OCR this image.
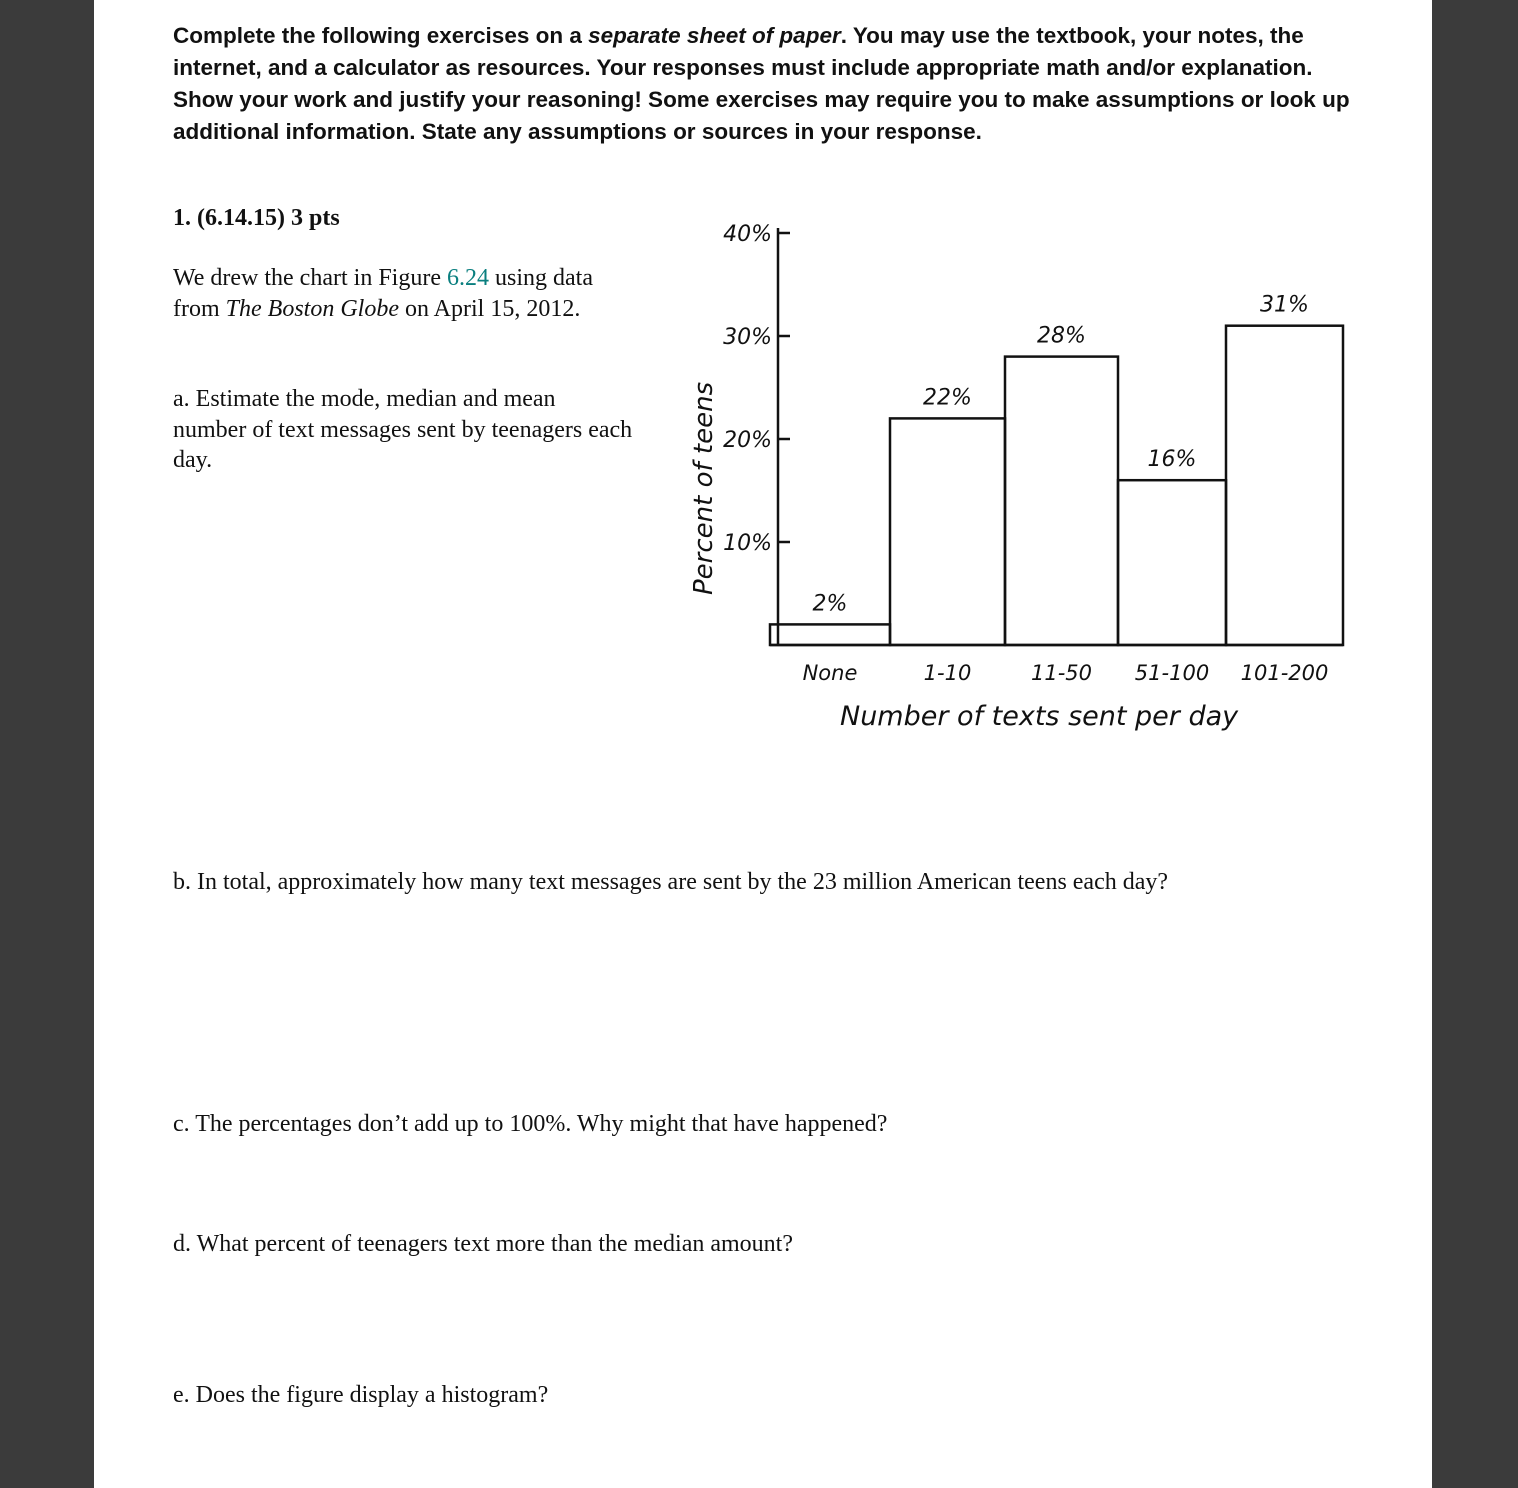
Complete the following exercises on a separate sheet of paper. You may use the textbook, your notes, the internet, and a calculator as resources. Your responses must include appropriate math and/or explanation. Show your work and justify your reasoning! Some exercises may require you to make assumptions or look up additional information. State any assumptions or sources in your response.
1. (6.14.15) 3 pts
We drew the chart in Figure 6.24 using data from The Boston Globe on April 15, 2012.
a. Estimate the mode, median and mean number of text messages sent by teenagers each day.
b. In total, approximately how many text messages are sent by the 23 million American teens each day?
c. The percentages don’t add up to 100%. Why might that have happened?
d. What percent of teenagers text more than the median amount?
e. Does the figure display a histogram?
Percent of teens
Number of texts sent per day
10%
20%
30%
40%
2%
None
22%
1-10
28%
11-50
16%
51-100
31%
101-200
